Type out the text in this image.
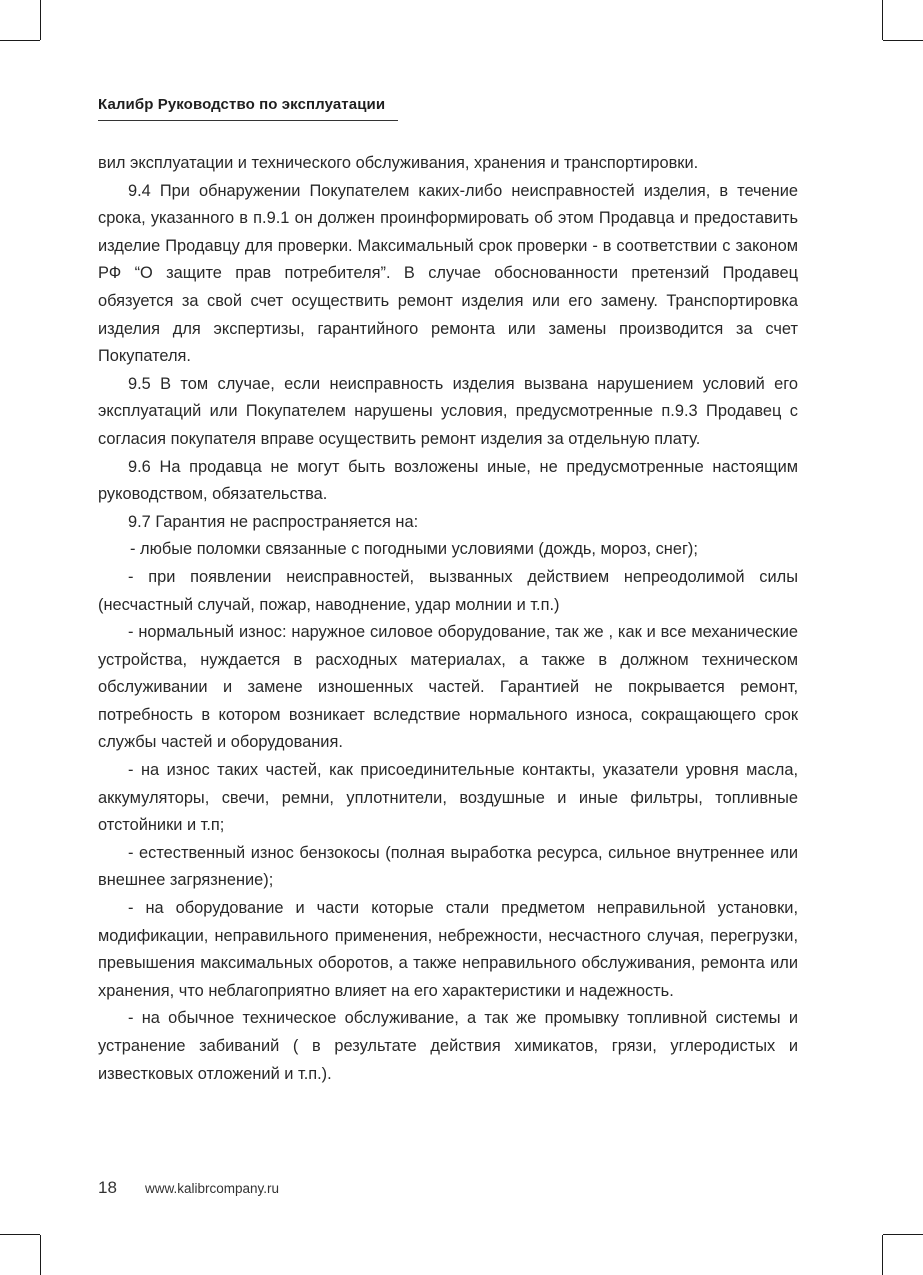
Калибр Руководство по эксплуатации

вил эксплуатации и технического обслуживания, хранения и транспортировки.

9.4 При обнаружении Покупателем каких-либо неисправностей изделия, в течение срока, указанного в п.9.1 он должен проинформировать об этом Продавца и предоставить изделие Продавцу для проверки. Максимальный срок проверки - в соответствии с законом РФ “О защите прав потребителя”. В случае обоснованности претензий Продавец обязуется за свой счет осуществить ремонт изделия или его замену. Транспортировка изделия для экспертизы, гарантийного ремонта или замены производится за счет Покупателя.

9.5 В том случае, если неисправность изделия вызвана нарушением условий его эксплуатаций или Покупателем нарушены условия, предусмотренные п.9.3 Продавец с согласия покупателя вправе осуществить ремонт изделия за отдельную плату.

9.6 На продавца не могут быть возложены иные, не предусмотренные настоящим руководством, обязательства.

9.7 Гарантия не распространяется на:

- любые поломки связанные с погодными условиями (дождь, мороз, снег);

- при появлении неисправностей, вызванных действием непреодолимой силы (несчастный случай, пожар, наводнение, удар молнии и т.п.)

- нормальный износ: наружное силовое оборудование, так же , как и все механические устройства, нуждается в расходных материалах, а также в должном техническом обслуживании и замене изношенных частей. Гарантией не покрывается ремонт, потребность в котором возникает вследствие нормального износа, сокращающего срок службы частей и оборудования.

- на износ таких частей, как присоединительные контакты, указатели уровня масла, аккумуляторы, свечи, ремни, уплотнители, воздушные и иные фильтры, топливные отстойники и т.п;

- естественный износ бензокосы (полная выработка ресурса, сильное внутреннее или внешнее загрязнение);

- на оборудование и части которые стали предметом неправильной установки, модификации, неправильного применения, небрежности, несчастного случая, перегрузки, превышения максимальных оборотов, а также неправильного обслуживания, ремонта или хранения, что неблагоприятно влияет на его характеристики и надежность.

- на обычное техническое обслуживание, а так же промывку топливной системы и устранение забиваний ( в результате действия химикатов, грязи, углеродистых и известковых отложений и т.п.).

18 www.kalibrcompany.ru
